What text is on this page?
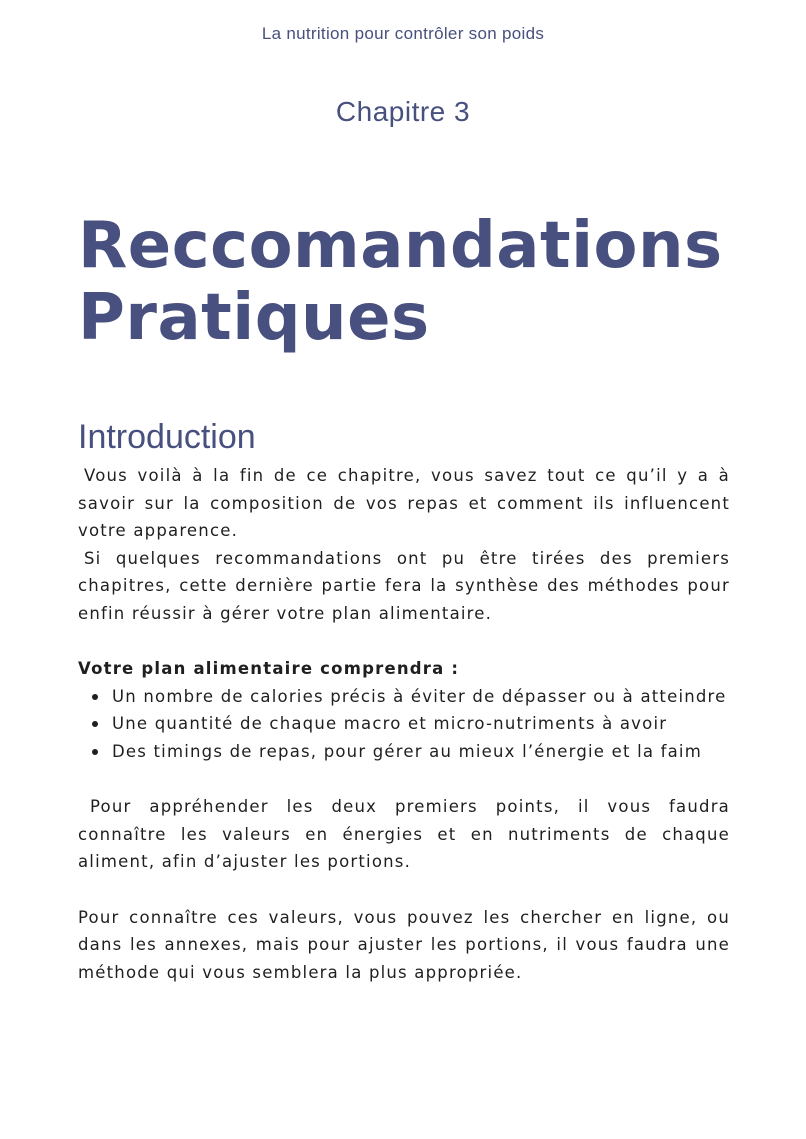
La nutrition pour contrôler son poids
Chapitre 3
Reccomandations
Pratiques
Introduction

Vous voilà à la fin de ce chapitre, vous savez tout ce qu’il y a à savoir sur la composition de vos repas et comment ils influencent votre apparence.

Si quelques recommandations ont pu être tirées des premiers chapitres, cette dernière partie fera la synthèse des méthodes pour enfin réussir à gérer votre plan alimentaire.

Votre plan alimentaire comprendra :

Un nombre de calories précis à éviter de dépasser ou à atteindre
Une quantité de chaque macro et micro-nutriments à avoir
Des timings de repas, pour gérer au mieux l’énergie et la faim

Pour appréhender les deux premiers points, il vous faudra connaître les valeurs en énergies et en nutriments de chaque aliment, afin d’ajuster les portions.

Pour connaître ces valeurs, vous pouvez les chercher en ligne, ou dans les annexes, mais pour ajuster les portions, il vous faudra une méthode qui vous semblera la plus appropriée.
